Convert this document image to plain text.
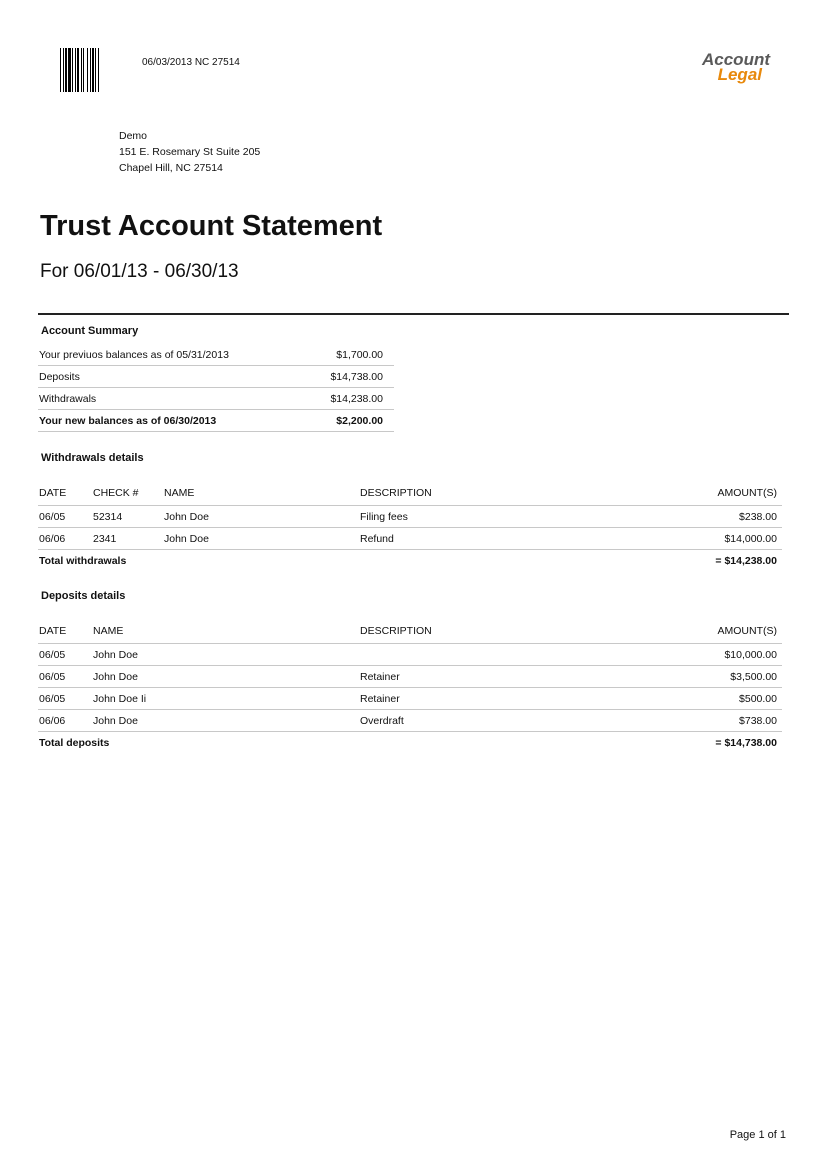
06/03/2013 NC 27514	Account
Legal
Demo
151 E. Rosemary St Suite 205
Chapel Hill, NC 27514
Trust Account Statement
For 06/01/13 - 06/30/13
Account Summary
Your previuos balances as of 05/31/2013	$1,700.00
Deposits	$14,738.00
Withdrawals	$14,238.00
Your new balances as of 06/30/2013	$2,200.00
Withdrawals details
DATE	CHECK #	NAME	DESCRIPTION	AMOUNT(S)
06/05	52314	John Doe	Filing fees	$238.00
06/06	2341	John Doe	Refund	$14,000.00
Total withdrawals				= $14,238.00
Deposits details
DATE	NAME	DESCRIPTION	AMOUNT(S)
06/05	John Doe		$10,000.00
06/05	John Doe	Retainer	$3,500.00
06/05	John Doe Ii	Retainer	$500.00
06/06	John Doe	Overdraft	$738.00
Total deposits			= $14,738.00
Page 1 of 1
